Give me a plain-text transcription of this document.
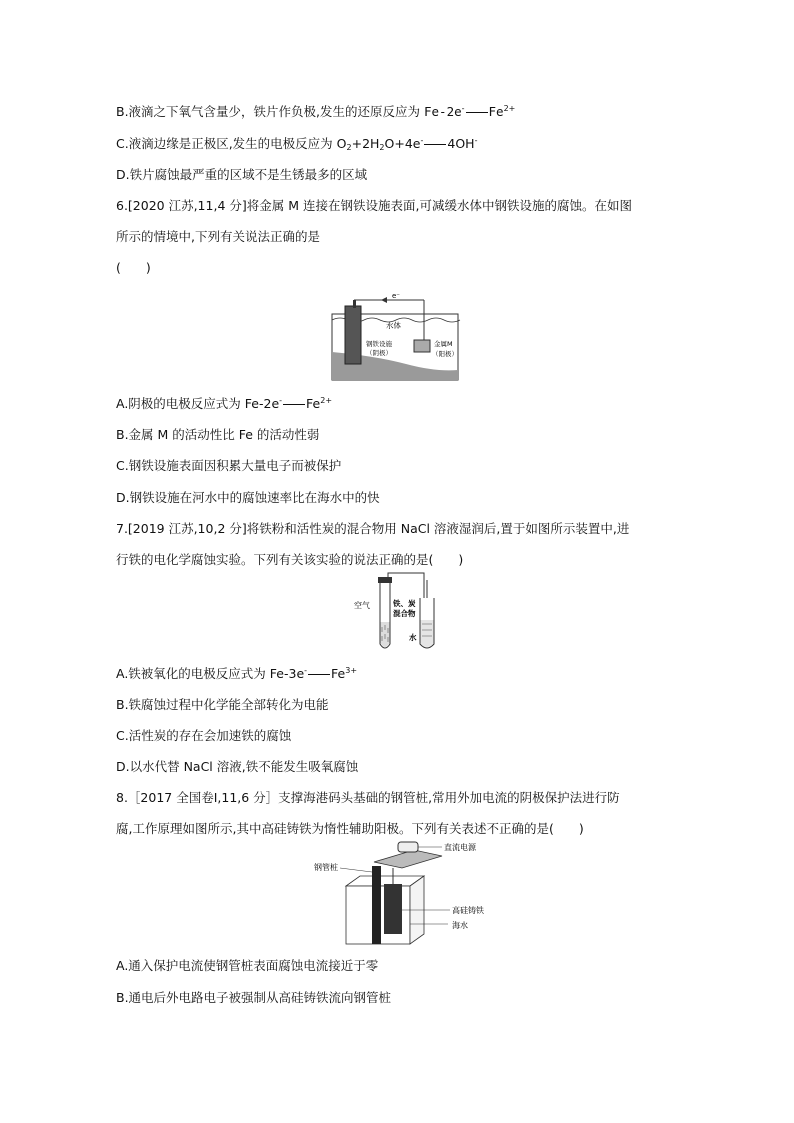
B.液滴之下氧气含量少，铁片作负极,发生的还原反应为 Fe-2e- $Fe^{2+}$
C.液滴边缘是正极区,发生的电极反应为 $O_2+2H_2O+4e^-$ 4OH-
D.铁片腐蚀最严重的区域不是生锈最多的区域
6.[2020 江苏,11,4 分]将金属 M 连接在钢铁设施表面,可减缓水体中钢铁设施的腐蚀。在如图
所示的情境中,下列有关说法正确的是
(　　)
e⁻
水体
钢铁设施
（阴极）
金属M
（阳极）
A.阴极的电极反应式为 Fe-2e- $Fe^{2+}$
B.金属 M 的活动性比 Fe 的活动性弱
C.钢铁设施表面因积累大量电子而被保护
D.钢铁设施在河水中的腐蚀速率比在海水中的快
7.[2019 江苏,10,2 分]将铁粉和活性炭的混合物用 NaCl 溶液湿润后,置于如图所示装置中,进
行铁的电化学腐蚀实验。下列有关该实验的说法正确的是(　　)
空气	铁、炭
混合物
水
A.铁被氧化的电极反应式为 Fe-3e- $Fe^{3+}$
B.铁腐蚀过程中化学能全部转化为电能
C.活性炭的存在会加速铁的腐蚀
D.以水代替 NaCl 溶液,铁不能发生吸氧腐蚀
8.［2017 全国卷Ⅰ,11,6 分］支撑海港码头基础的钢管桩,常用外加电流的阴极保护法进行防
腐,工作原理如图所示,其中高硅铸铁为惰性辅助阳极。下列有关表述不正确的是(　　)
直流电源
钢管桩
高硅铸铁
海水
A.通入保护电流使钢管桩表面腐蚀电流接近于零
B.通电后外电路电子被强制从高硅铸铁流向钢管桩
